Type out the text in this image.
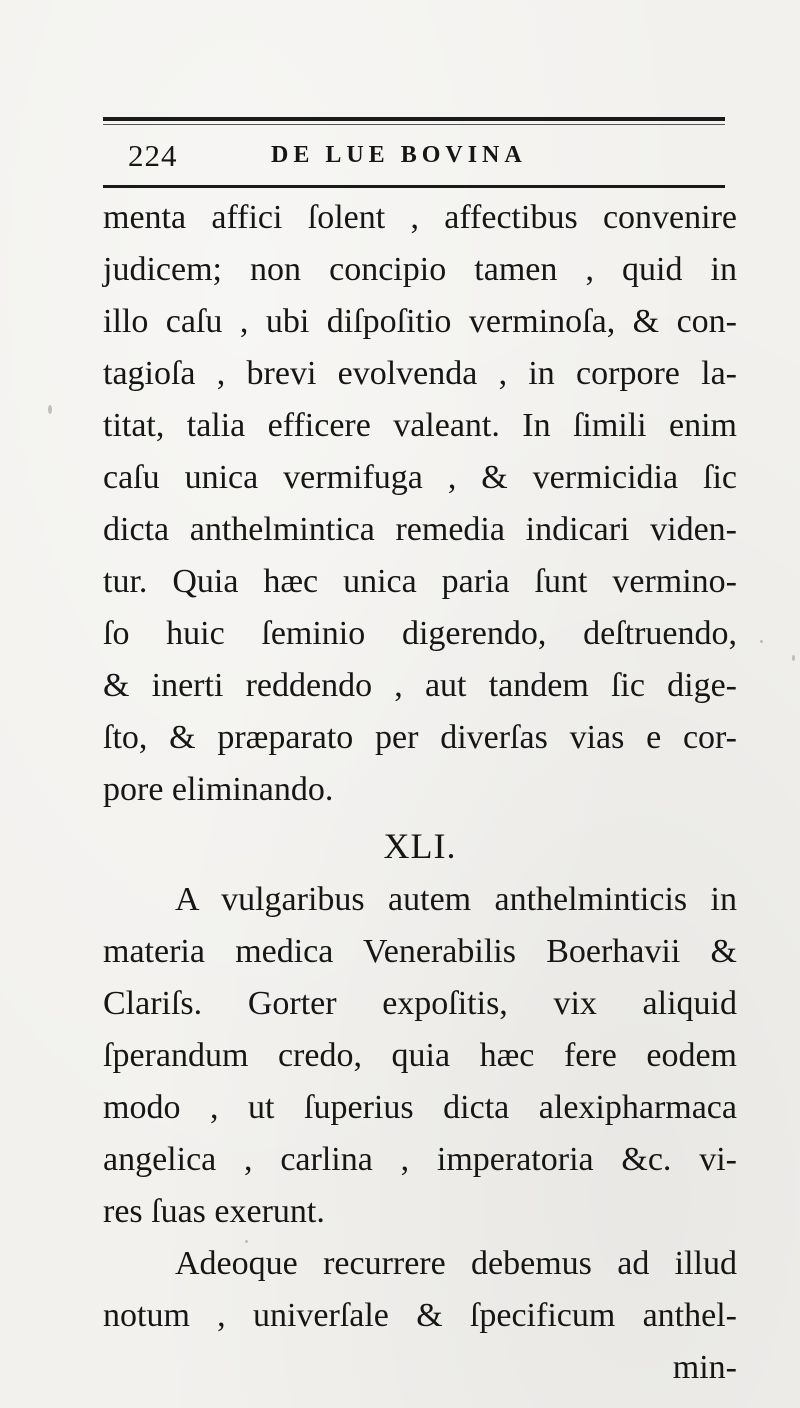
224	DE LUE BOVINA
menta affici ſolent , affectibus convenire
judicem; non concipio tamen , quid in
illo caſu , ubi diſpoſitio verminoſa, & con-
tagioſa , brevi evolvenda , in corpore la-
titat, talia efficere valeant. In ſimili enim
caſu unica vermifuga , & vermicidia ſic
dicta anthelmintica remedia indicari viden-
tur. Quia hæc unica paria ſunt vermino-
ſo huic ſeminio digerendo, deſtruendo,
& inerti reddendo , aut tandem ſic dige-
ſto, & præparato per diverſas vias e cor-
pore eliminando.
XLI.
A vulgaribus autem anthelminticis in
materia medica Venerabilis Boerhavii &
Clariſs. Gorter expoſitis, vix aliquid
ſperandum credo, quia hæc fere eodem
modo , ut ſuperius dicta alexipharmaca
angelica , carlina , imperatoria &c. vi-
res ſuas exerunt.
Adeoque recurrere debemus ad illud
notum , univerſale & ſpecificum anthel-
min-
